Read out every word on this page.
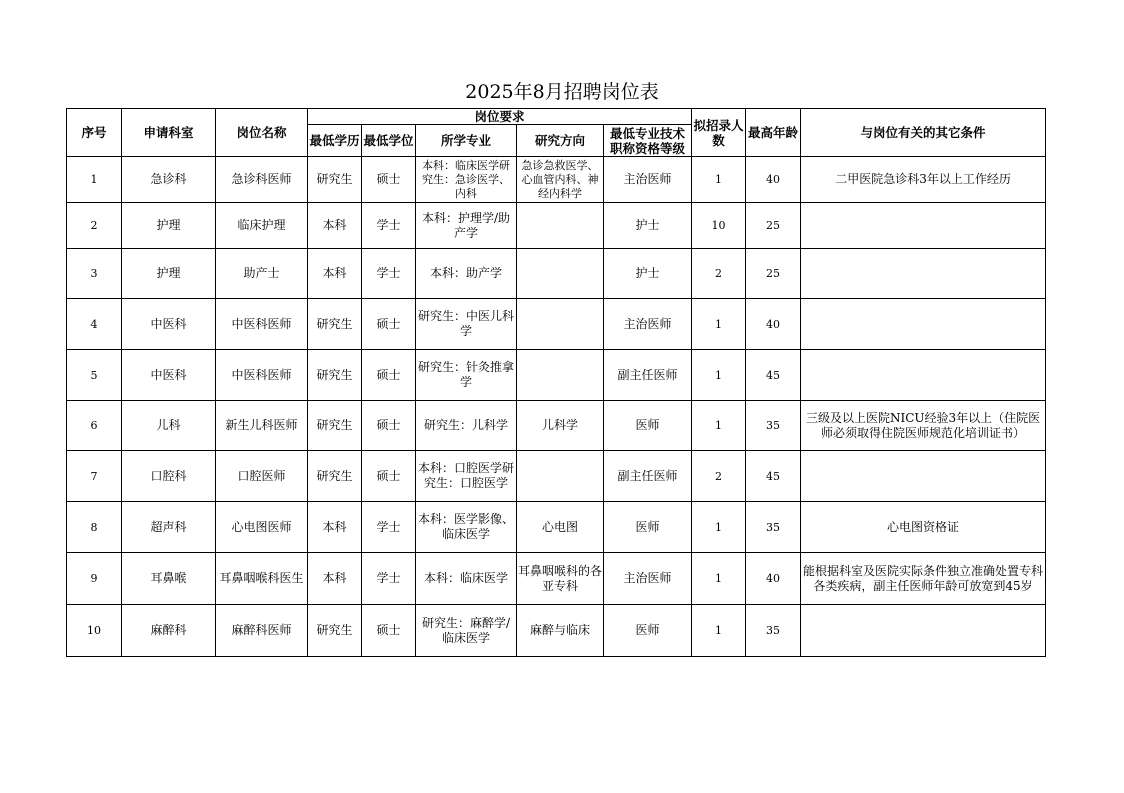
2025年8月招聘岗位表
序号	申请科室	岗位名称	岗位要求					拟招录人数	最高年龄	与岗位有关的其它条件
			最低学历	最低学位	所学专业	研究方向	最低专业技术职称资格等级			
1	急诊科	急诊科医师	研究生	硕士	本科：临床医学研究生：急诊医学、内科	急诊急救医学、心血管内科、神经内科学	主治医师	1	40	二甲医院急诊科3年以上工作经历
2	护理	临床护理	本科	学士	本科：护理学/助产学		护士	10	25	
3	护理	助产士	本科	学士	本科：助产学		护士	2	25	
4	中医科	中医科医师	研究生	硕士	研究生：中医儿科学		主治医师	1	40	
5	中医科	中医科医师	研究生	硕士	研究生：针灸推拿学		副主任医师	1	45	
6	儿科	新生儿科医师	研究生	硕士	研究生：儿科学	儿科学	医师	1	35	三级及以上医院NICU经验3年以上（住院医师必须取得住院医师规范化培训证书）
7	口腔科	口腔医师	研究生	硕士	本科：口腔医学研究生：口腔医学		副主任医师	2	45	
8	超声科	心电图医师	本科	学士	本科：医学影像、临床医学	心电图	医师	1	35	心电图资格证
9	耳鼻喉	耳鼻咽喉科医生	本科	学士	本科：临床医学	耳鼻咽喉科的各亚专科	主治医师	1	40	能根据科室及医院实际条件独立准确处置专科各类疾病，副主任医师年龄可放宽到45岁
10	麻醉科	麻醉科医师	研究生	硕士	研究生：麻醉学/临床医学	麻醉与临床	医师	1	35	
